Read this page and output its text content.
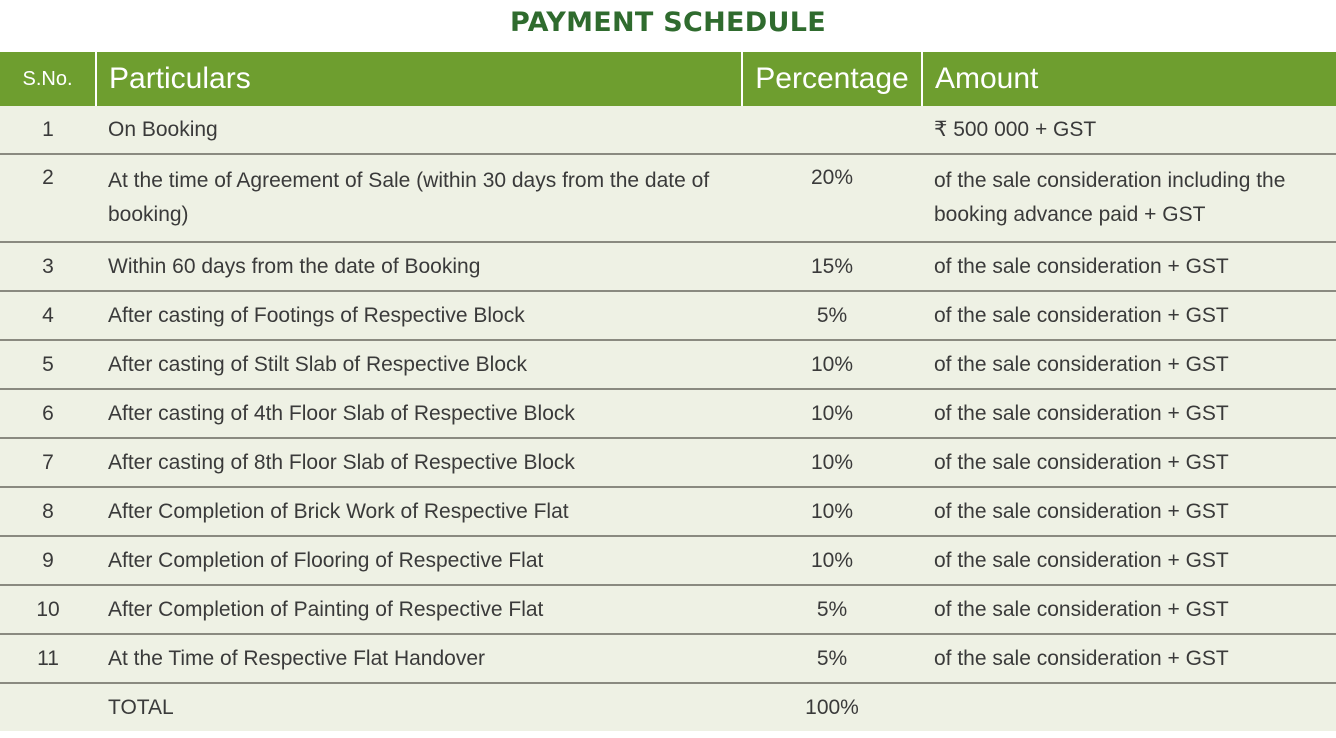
PAYMENT SCHEDULE
S.No.	Particulars	Percentage	Amount
1	On Booking		₹ 500 000 + GST
2	At the time of Agreement of Sale (within 30 days from the date of booking)	20%	of the sale consideration including the booking advance paid + GST
3	Within 60 days from the date of Booking	15%	of the sale consideration + GST
4	After casting of Footings of Respective Block	5%	of the sale consideration + GST
5	After casting of Stilt Slab of Respective Block	10%	of the sale consideration + GST
6	After casting of 4th Floor Slab of Respective Block	10%	of the sale consideration + GST
7	After casting of 8th Floor Slab of Respective Block	10%	of the sale consideration + GST
8	After Completion of Brick Work of Respective Flat	10%	of the sale consideration + GST
9	After Completion of Flooring of Respective Flat	10%	of the sale consideration + GST
10	After Completion of Painting of Respective Flat	5%	of the sale consideration + GST
11	At the Time of Respective Flat Handover	5%	of the sale consideration + GST
	TOTAL	100%	
